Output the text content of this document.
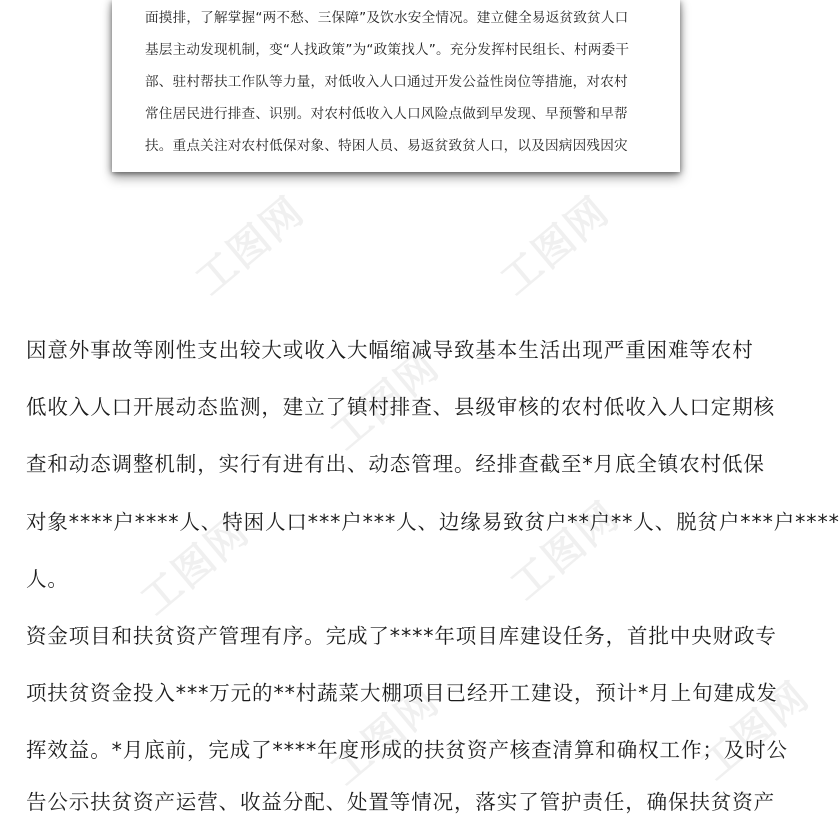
面摸排，了解掌握“两不愁、三保障”及饮水安全情况。建立健全易返贫致贫人口
基层主动发现机制，变“人找政策”为“政策找人”。充分发挥村民组长、村两委干
部、驻村帮扶工作队等力量，对低收入人口通过开发公益性岗位等措施，对农村
常住居民进行排查、识别。对农村低收入人口风险点做到早发现、早预警和早帮
扶。重点关注对农村低保对象、特困人员、易返贫致贫人口，以及因病因残因灾
工图网	工图网
工图网
工图网	工图网
工图网	工图网
因意外事故等刚性支出较大或收入大幅缩减导致基本生活出现严重困难等农村
低收入人口开展动态监测，建立了镇村排查、县级审核的农村低收入人口定期核
查和动态调整机制，实行有进有出、动态管理。经排查截至*月底全镇农村低保
对象****户****人、特困人口***户***人、边缘易致贫户**户**人、脱贫户***户****
人。
资金项目和扶贫资产管理有序。完成了****年项目库建设任务，首批中央财政专
项扶贫资金投入***万元的**村蔬菜大棚项目已经开工建设，预计*月上旬建成发
挥效益。*月底前，完成了****年度形成的扶贫资产核查清算和确权工作；及时公
告公示扶贫资产运营、收益分配、处置等情况，落实了管护责任，确保扶贫资产
